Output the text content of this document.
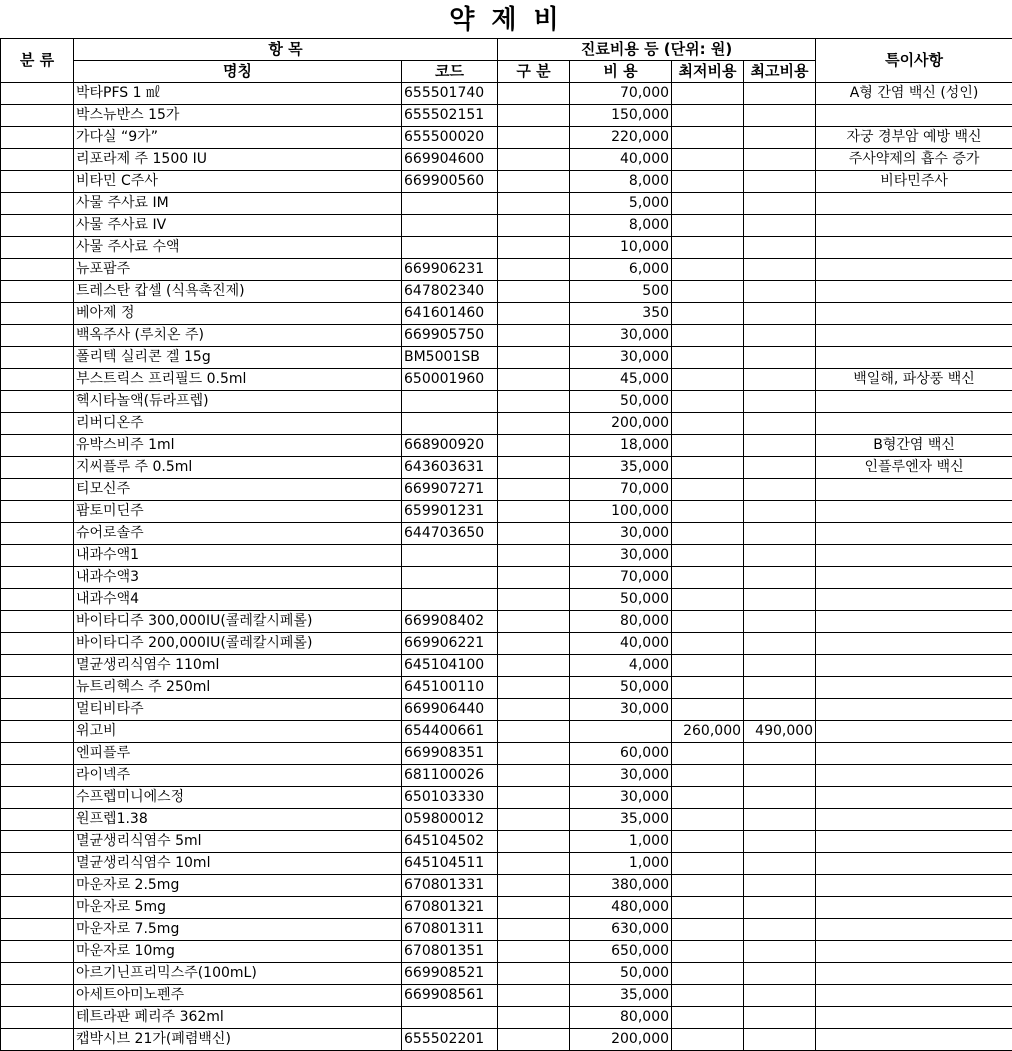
약 제 비
분 류	항 목		진료비용 등 (단위: 원)				특이사항
	명칭	코드	구 분	비 용	최저비용	최고비용	
	박타PFS 1 ㎖	655501740		70,000			A형 간염 백신 (성인)
	박스뉴반스 15가	655502151		150,000			
	가다실 “9가”	655500020		220,000			자궁 경부암 예방 백신
	리포라제 주 1500 IU	669904600		40,000			주사약제의 흡수 증가
	비타민 C주사	669900560		8,000			비타민주사
	사물 주사료 IM			5,000			
	사물 주사료 IV			8,000			
	사물 주사료 수액			10,000			
	뉴포팜주	669906231		6,000			
	트레스탄 캅셀 (식욕촉진제)	647802340		500			
	베아제 정	641601460		350			
	백옥주사 (루치온 주)	669905750		30,000			
	폴리텍 실리콘 겔 15g	BM5001SB		30,000			
	부스트릭스 프리필드 0.5ml	650001960		45,000			백일해, 파상풍 백신
	헥시타놀액(듀라프렙)			50,000			
	리버디온주			200,000			
	유박스비주 1ml	668900920		18,000			B형간염 백신
	지씨플루 주 0.5ml	643603631		35,000			인플루엔자 백신
	티모신주	669907271		70,000			
	팜토미딘주	659901231		100,000			
	슈어로솔주	644703650		30,000			
	내과수액1			30,000			
	내과수액3			70,000			
	내과수액4			50,000			
	바이타디주 300,000IU(콜레칼시페롤)	669908402		80,000			
	바이타디주 200,000IU(콜레칼시페롤)	669906221		40,000			
	멸균생리식염수 110ml	645104100		4,000			
	뉴트리헥스 주 250ml	645100110		50,000			
	멀티비타주	669906440		30,000			
	위고비	654400661			260,000	490,000	
	엔피플루	669908351		60,000			
	라이넥주	681100026		30,000			
	수프렙미니에스정	650103330		30,000			
	원프렙1.38	059800012		35,000			
	멸균생리식염수 5ml	645104502		1,000			
	멸균생리식염수 10ml	645104511		1,000			
	마운자로 2.5mg	670801331		380,000			
	마운자로 5mg	670801321		480,000			
	마운자로 7.5mg	670801311		630,000			
	마운자로 10mg	670801351		650,000			
	아르기닌프리믹스주(100mL)	669908521		50,000			
	아세트아미노펜주	669908561		35,000			
	테트라판 페리주 362ml			80,000			
	캡박시브 21가(폐렴백신)	655502201		200,000			
